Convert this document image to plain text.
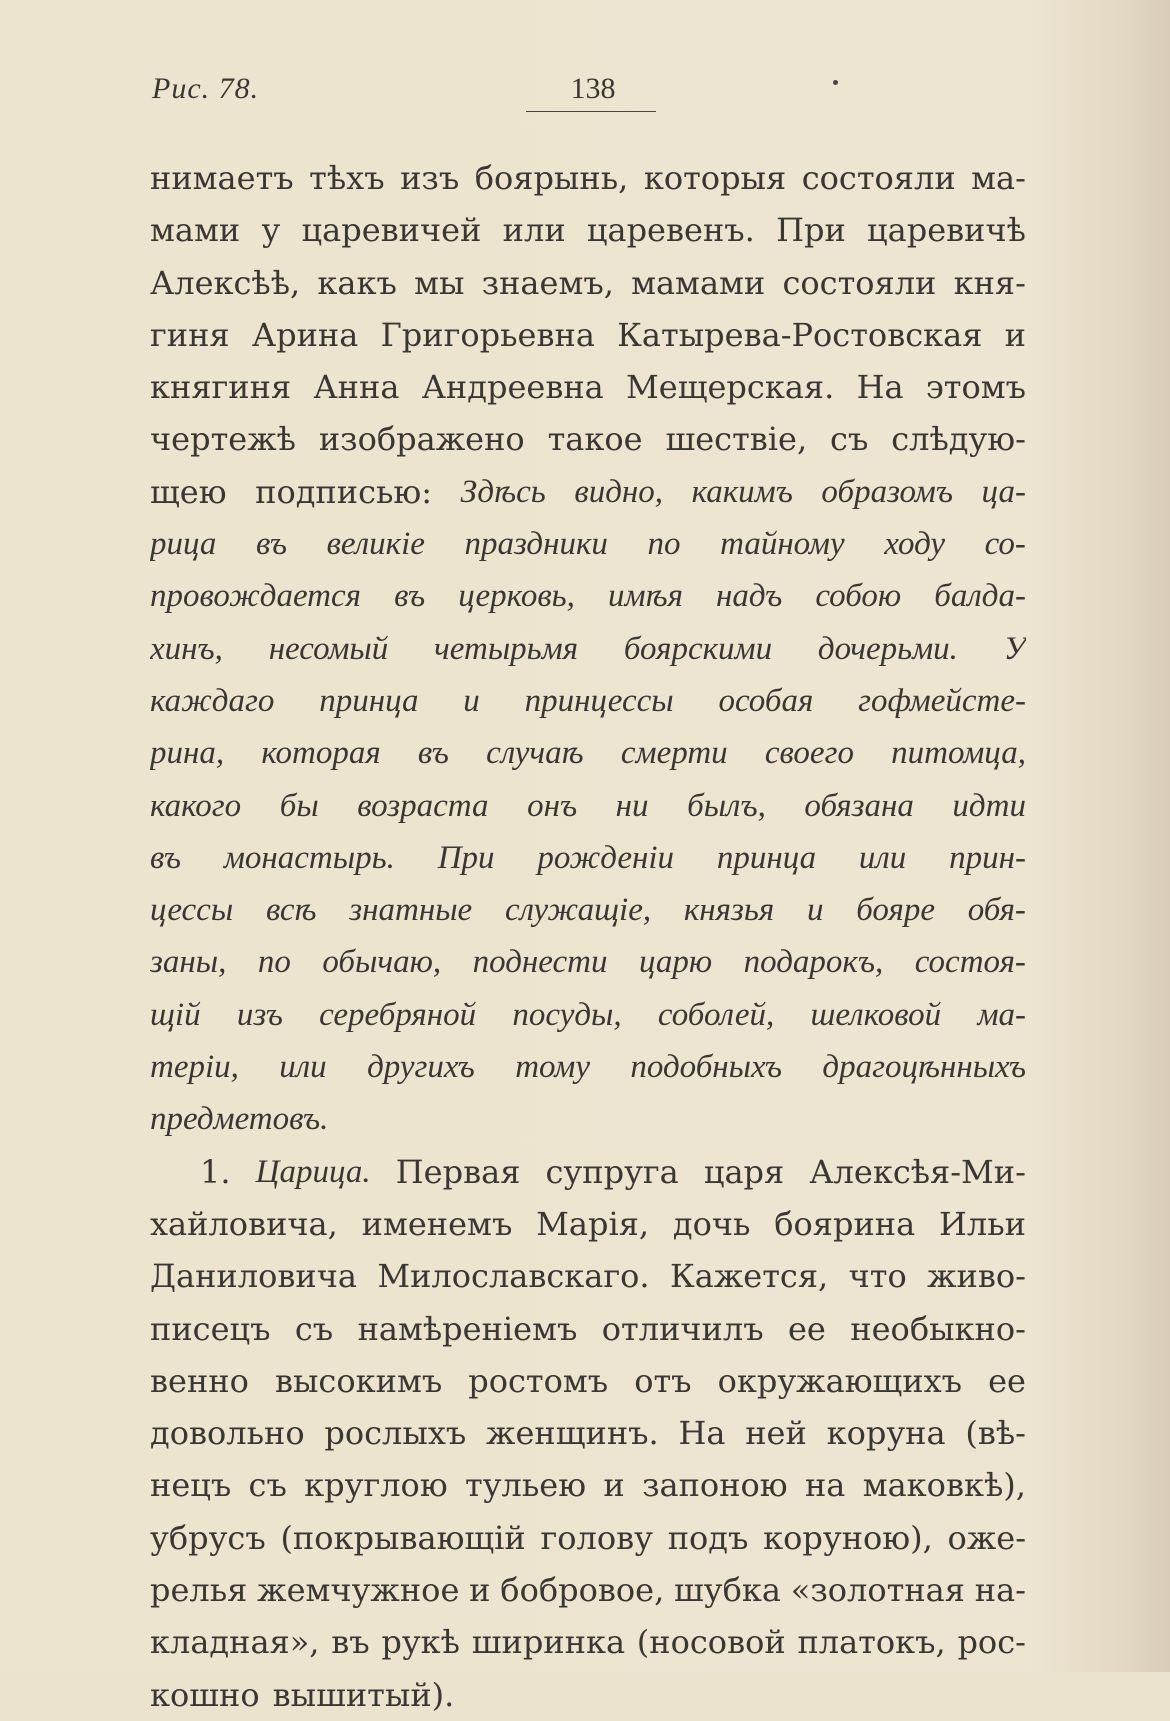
Рис. 78.	138
нимаетъ тѣхъ изъ боярынь, которыя состояли ма-
мами у царевичей или царевенъ. При царевичѣ
Алексѣѣ, какъ мы знаемъ, мамами состояли кня-
гиня Арина Григорьевна Катырева-Ростовская и
княгиня Анна Андреевна Мещерская. На этомъ
чертежѣ изображено такое шествіе, съ слѣдую-
щею подписью: Здѣсь видно, какимъ образомъ ца-
рица въ великіе праздники по тайному ходу со-
провождается въ церковь, имѣя надъ собою балда-
хинъ, несомый четырьмя боярскими дочерьми. У
каждаго принца и принцессы особая гофмейсте-
рина, которая въ случаѣ смерти своего питомца,
какого бы возраста онъ ни былъ, обязана идти
въ монастырь. При рожденіи принца или прин-
цессы всѣ знатные служащіе, князья и бояре обя-
заны, по обычаю, поднести царю подарокъ, состоя-
щій изъ серебряной посуды, соболей, шелковой ма-
теріи, или другихъ тому подобныхъ драгоцѣнныхъ
предметовъ.
1. Царица. Первая супруга царя Алексѣя-Ми-
хайловича, именемъ Марія, дочь боярина Ильи
Даниловича Милославскаго. Кажется, что живо-
писецъ съ намѣреніемъ отличилъ ее необыкно-
венно высокимъ ростомъ отъ окружающихъ ее
довольно рослыхъ женщинъ. На ней коруна (вѣ-
нецъ съ круглою тульею и запоною на маковкѣ),
убрусъ (покрывающій голову подъ коруною), оже-
релья жемчужное и бобровое, шубка «золотная на-
кладная», въ рукѣ ширинка (носовой платокъ, рос-
кошно вышитый).
